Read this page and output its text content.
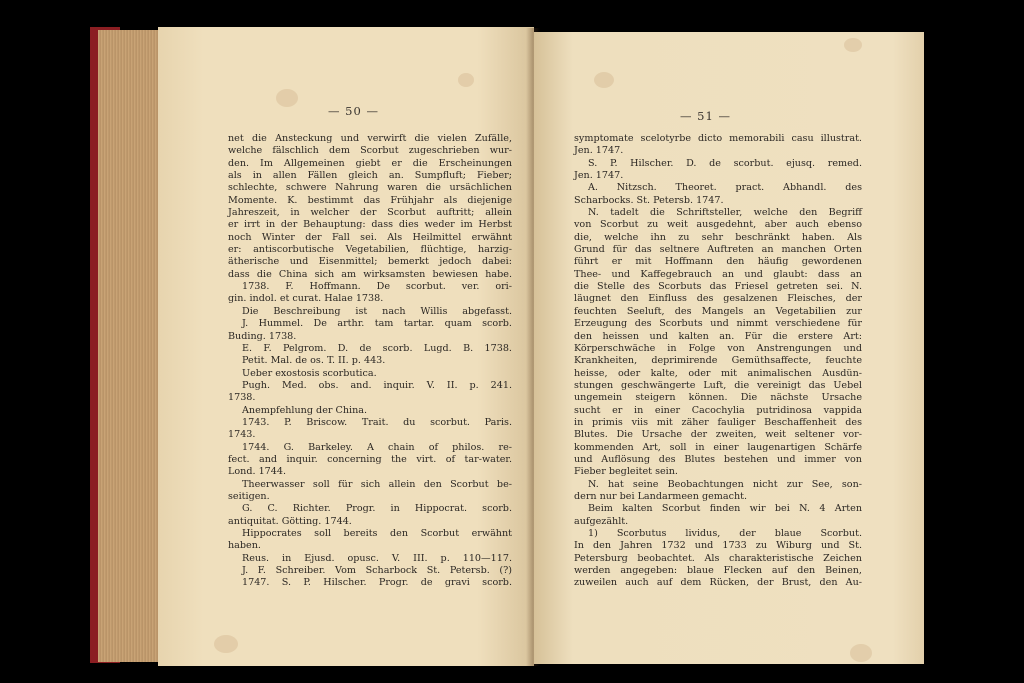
— 50 —

net die Ansteckung und verwirft die vielen Zufälle,

welche fälschlich dem Scorbut zugeschrieben wur-

den. Im Allgemeinen giebt er die Erscheinungen

als in allen Fällen gleich an. Sumpfluft; Fieber;

schlechte, schwere Nahrung waren die ursächlichen

Momente. K. bestimmt das Frühjahr als diejenige

Jahreszeit, in welcher der Scorbut auftritt; allein

er irrt in der Behauptung: dass dies weder im Herbst

noch Winter der Fall sei. Als Heilmittel erwähnt

er: antiscorbutische Vegetabilien, flüchtige, harzig-

ätherische und Eisenmittel; bemerkt jedoch dabei:

dass die China sich am wirksamsten bewiesen habe.

1738. F. Hoffmann. De scorbut. ver. ori-

gin. indol. et curat. Halae 1738.

Die Beschreibung ist nach Willis abgefasst.

J. Hummel. De arthr. tam tartar. quam scorb.

Buding. 1738.

E. F. Pelgrom. D. de scorb. Lugd. B. 1738.

Petit. Mal. de os. T. II. p. 443.

Ueber exostosis scorbutica.

Pugh. Med. obs. and. inquir. V. II. p. 241.

1738.

Anempfehlung der China.

1743. P. Briscow. Trait. du scorbut. Paris.

1743.

1744. G. Barkeley. A chain of philos. re-

fect. and inquir. concerning the virt. of tar-water.

Lond. 1744.

Theerwasser soll für sich allein den Scorbut be-

seitigen.

G. C. Richter. Progr. in Hippocrat. scorb.

antiquitat. Götting. 1744.

Hippocrates soll bereits den Scorbut erwähnt

haben.

Reus. in Ejusd. opusc. V. III. p. 110—117.

J. F. Schreiber. Vom Scharbock St. Petersb. (?)

1747. S. P. Hilscher. Progr. de gravi scorb.

— 51 —

symptomate scelotyrbe dicto memorabili casu illustrat.

Jen. 1747.

S. P. Hilscher. D. de scorbut. ejusq. remed.

Jen. 1747.

A. Nitzsch. Theoret. pract. Abhandl. des

Scharbocks. St. Petersb. 1747.

N. tadelt die Schriftsteller, welche den Begriff

von Scorbut zu weit ausgedehnt, aber auch ebenso

die, welche ihn zu sehr beschränkt haben. Als

Grund für das seltnere Auftreten an manchen Orten

führt er mit Hoffmann den häufig gewordenen

Thee- und Kaffegebrauch an und glaubt: dass an

die Stelle des Scorbuts das Friesel getreten sei. N.

läugnet den Einfluss des gesalzenen Fleisches, der

feuchten Seeluft, des Mangels an Vegetabilien zur

Erzeugung des Scorbuts und nimmt verschiedene für

den heissen und kalten an. Für die erstere Art:

Körperschwäche in Folge von Anstrengungen und

Krankheiten, deprimirende Gemüthsaffecte, feuchte

heisse, oder kalte, oder mit animalischen Ausdün-

stungen geschwängerte Luft, die vereinigt das Uebel

ungemein steigern können. Die nächste Ursache

sucht er in einer Cacochylia putridinosa vappida

in primis viis mit zäher fauliger Beschaffenheit des

Blutes. Die Ursache der zweiten, weit seltener vor-

kommenden Art, soll in einer laugenartigen Schärfe

und Auflösung des Blutes bestehen und immer von

Fieber begleitet sein.

N. hat seine Beobachtungen nicht zur See, son-

dern nur bei Landarmeen gemacht.

Beim kalten Scorbut finden wir bei N. 4 Arten

aufgezählt.

1) Scorbutus lividus, der blaue Scorbut.

In den Jahren 1732 und 1733 zu Wiburg und St.

Petersburg beobachtet. Als charakteristische Zeichen

werden angegeben: blaue Flecken auf den Beinen,

zuweilen auch auf dem Rücken, der Brust, den Au-
